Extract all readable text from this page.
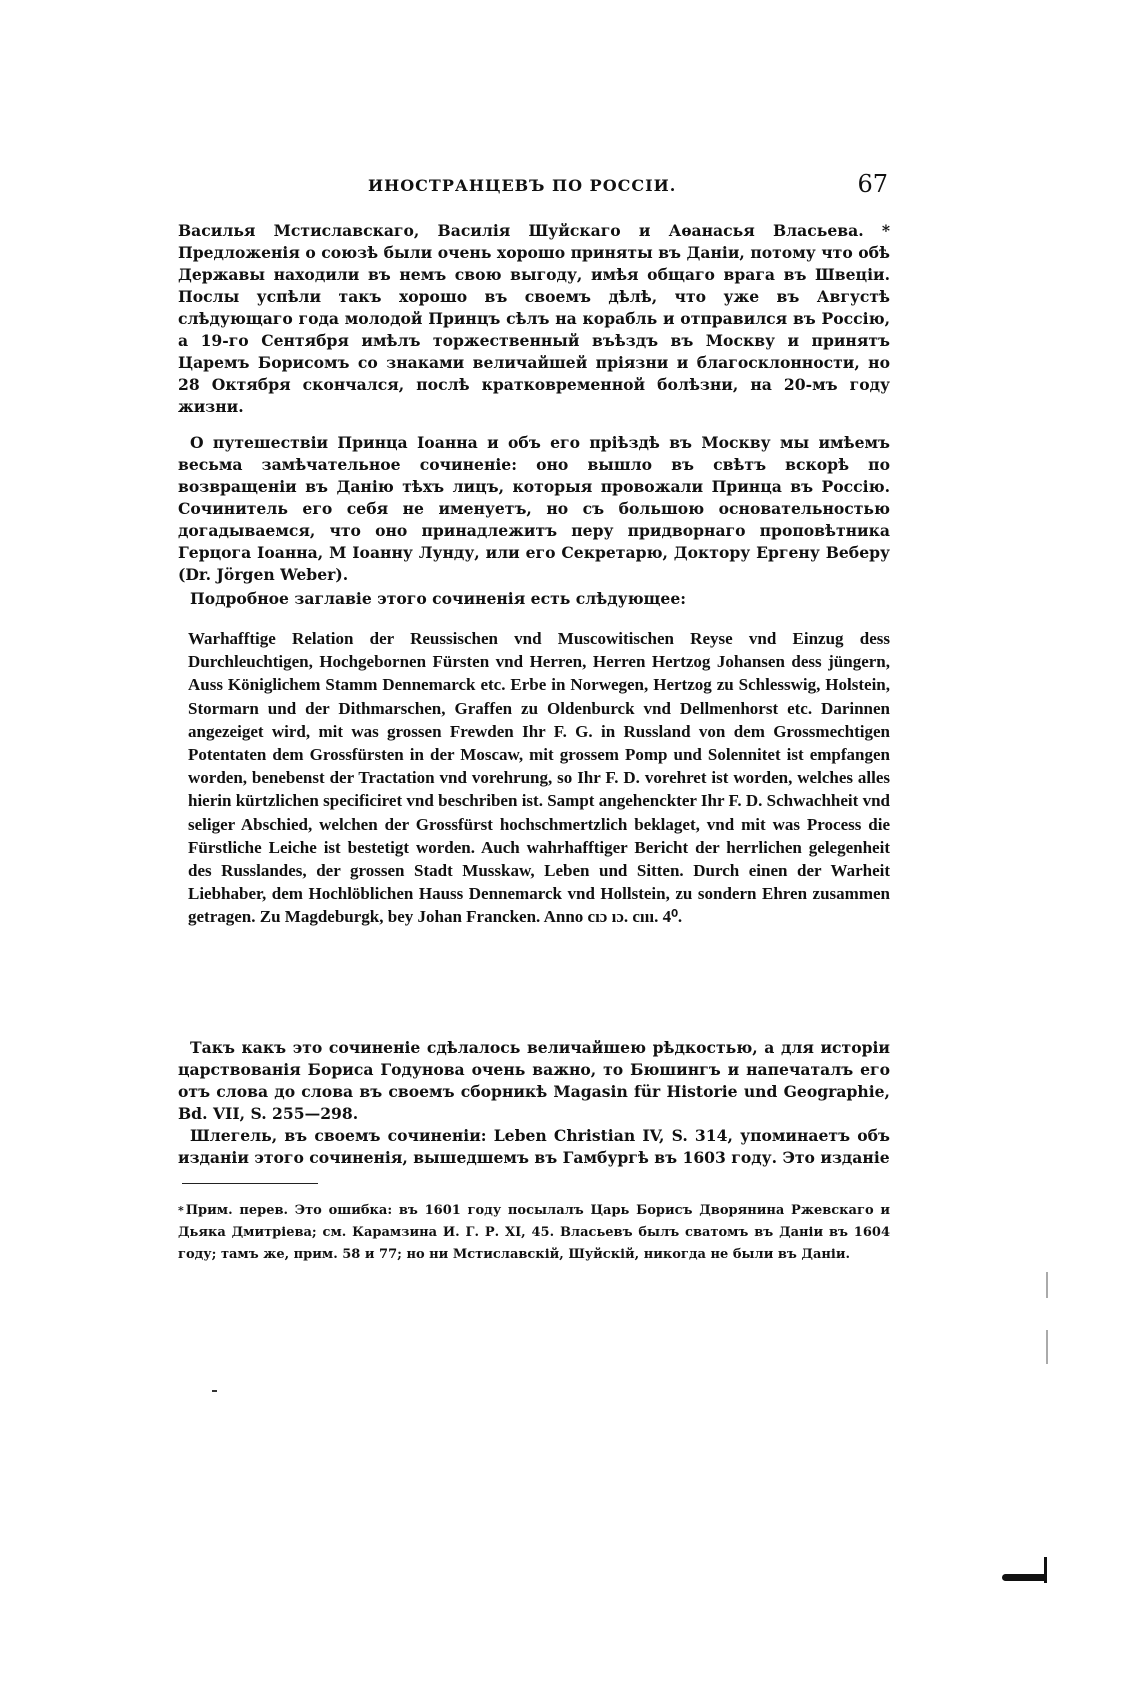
ИНОСТРАНЦЕВЪ ПО РОССІИ.	67

Василья Мстиславскаго, Василія Шуйскаго и Аѳанасья Власьева. * Предложенія о союзѣ были очень хорошо приняты въ Даніи, потому что обѣ Державы находили въ немъ свою выгоду, имѣя общаго врага въ Швеціи. Послы успѣли такъ хорошо въ своемъ дѣлѣ, что уже въ Августѣ слѣдующаго года молодой Принцъ сѣлъ на корабль и отправился въ Россію, а 19-го Сентября имѣлъ торжественный въѣздъ въ Москву и принятъ Царемъ Борисомъ со знаками величайшей пріязни и благосклонности, но 28 Октября скончался, послѣ кратковременной болѣзни, на 20-мъ году жизни.

О путешествіи Принца Іоанна и объ его пріѣздѣ въ Москву мы имѣемъ весьма замѣчательное сочиненіе: оно вышло въ свѣтъ вскорѣ по возвращеніи въ Данію тѣхъ лицъ, которыя провожали Принца въ Россію. Сочинитель его себя не именуетъ, но съ большою основательностью догадываемся, что оно принадлежитъ перу придворнаго проповѣтника Герцога Іоанна, М Іоанну Лунду, или его Секретарю, Доктору Ергену Веберу (Dr. Jörgen Weber).

Подробное заглавіе этого сочиненія есть слѣдующее:

Warhafftige Relation der Reussischen vnd Muscowitischen Reyse vnd Einzug dess Durchleuchtigen, Hochgebornen Fürsten vnd Herren, Herren Hertzog Johansen dess jüngern, Auss Königlichem Stamm Dennemarck etc. Erbe in Norwegen, Hertzog zu Schlesswig, Holstein, Stormarn und der Dithmarschen, Graffen zu Oldenburck vnd Dellmenhorst etc. Darinnen angezeiget wird, mit was grossen Frewden Ihr F. G. in Russland von dem Grossmechtigen Potentaten dem Grossfürsten in der Moscaw, mit grossem Pomp und Solennitet ist empfangen worden, benebenst der Tractation vnd vorehrung, so Ihr F. D. vorehret ist worden, welches alles hierin kürtzlichen specificiret vnd beschriben ist. Sampt angehenckter Ihr F. D. Schwachheit vnd seliger Abschied, welchen der Grossfürst hochschmertzlich beklaget, vnd mit was Process die Fürstliche Leiche ist bestetigt worden. Auch wahrhafftiger Bericht der herrlichen gelegenheit des Russlandes, der grossen Stadt Musskaw, Leben und Sitten. Durch einen der Warheit Liebhaber, dem Hochlöblichen Hauss Dennemarck vnd Hollstein, zu sondern Ehren zusammen getragen. Zu Magdeburgk, bey Johan Francken. Anno cıɔ ıɔ. cııı. 4⁰.

Такъ какъ это сочиненіе сдѣлалось величайшею рѣдкостью, а для исторіи царствованія Бориса Годунова очень важно, то Бюшингъ и напечаталъ его отъ слова до слова въ своемъ сборникѣ Magasin für Historie und Geographie, Bd. VII, S. 255—298.

Шлегель, въ своемъ сочиненіи: Leben Christian IV, S. 314, упоминаетъ объ изданіи этого сочиненія, вышедшемъ въ Гамбургѣ въ 1603 году. Это изданіе

* Прим. перев. Это ошибка: въ 1601 году посылалъ Царь Борисъ Дворянина Ржевскаго и Дьяка Дмитріева; см. Карамзина И. Г. Р. XI, 45. Власьевъ былъ сватомъ въ Даніи въ 1604 году; тамъ же, прим. 58 и 77; но ни Мстиславскій, Шуйскій, никогда не были въ Даніи.
